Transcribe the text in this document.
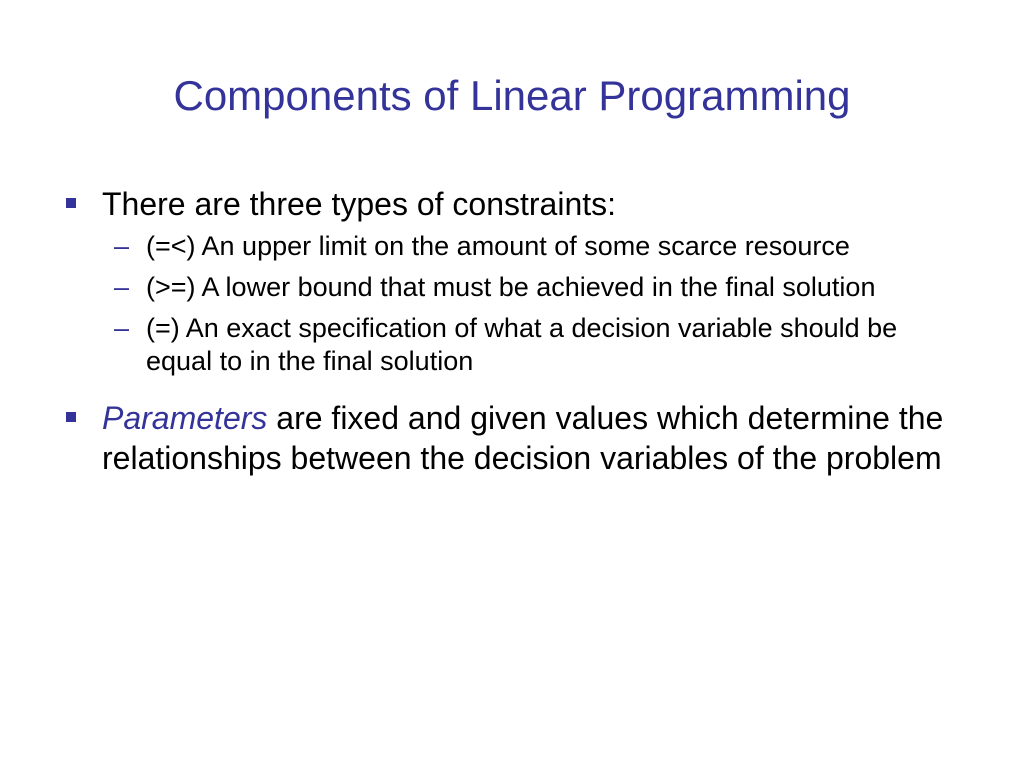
Components of Linear Programming
There are three types of constraints:
– (=<) An upper limit on the amount of some scarce resource
– (>=) A lower bound that must be achieved in the final solution
– (=) An exact specification of what a decision variable should be equal to in the final solution
Parameters are fixed and given values which determine the relationships between the decision variables of the problem
